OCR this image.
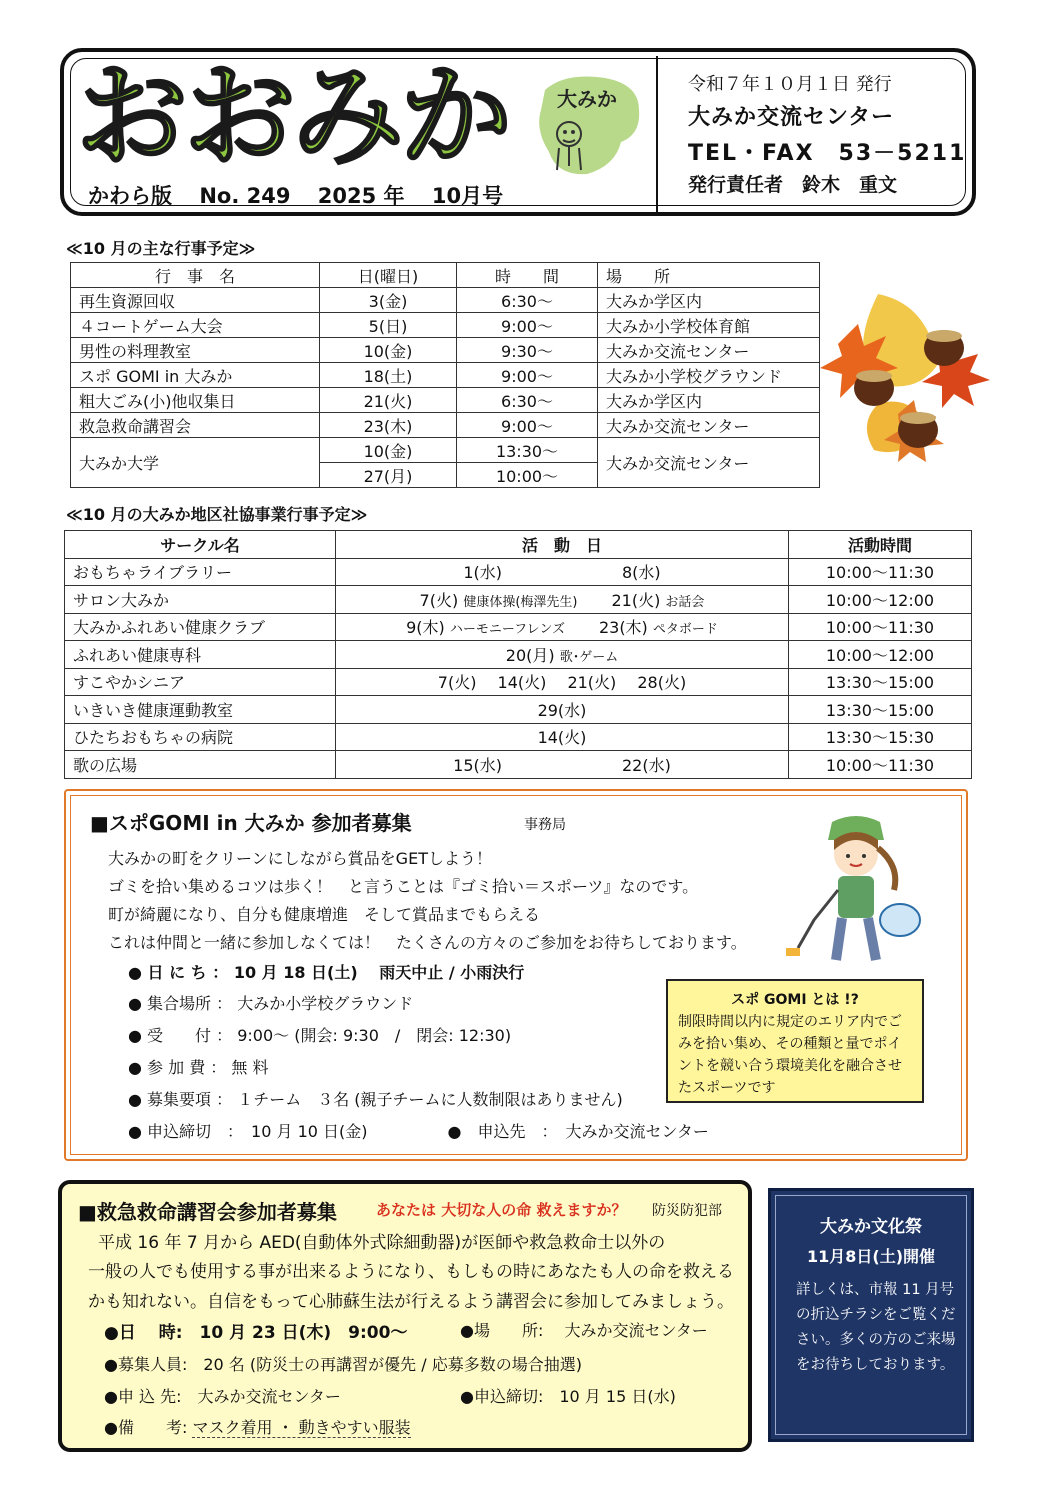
おおみか 大みか
かわら版 No. 249 2025 年 10月号
令和７年１０月１日 発行
大みか交流センター
TEL・FAX　53－5211
発行責任者　鈴木　重文
≪10 月の主な行事予定≫
行　事　名	日(曜日)	時　　間	場　　所
再生資源回収	3(金)	6:30～	大みか学区内
４コートゲーム大会	5(日)	9:00～	大みか小学校体育館
男性の料理教室	10(金)	9:30～	大みか交流センター
スポ GOMI in 大みか	18(土)	9:00～	大みか小学校グラウンド
粗大ごみ(小)他収集日	21(火)	6:30～	大みか学区内
救急救命講習会	23(木)	9:00～	大みか交流センター
大みか大学	10(金)	13:30～	大みか交流センター
	27(月)	10:00～	
≪10 月の大みか地区社協事業行事予定≫
サークル名	活　動　日	活動時間
おもちゃライブラリー	1(水) 8(水)	10:00～11:30
サロン大みか	7(火) 健康体操(梅澤先生) 21(火) お話会	10:00～12:00
大みかふれあい健康クラブ	9(木) ハーモニーフレンズ 23(木) ペタボード	10:00～11:30
ふれあい健康専科	20(月) 歌･ゲーム	10:00～12:00
すこやかシニア	7(火)　 14(火)　 21(火)　 28(火)	13:30～15:00
いきいき健康運動教室	29(水)	13:30～15:00
ひたちおもちゃの病院	14(火)	13:30～15:30
歌の広場	15(水) 22(水)	10:00～11:30
■スポGOMI in 大みか 参加者募集	事務局
大みかの町をクリーンにしながら賞品をGETしよう！
ゴミを拾い集めるコツは歩く！　と言うことは『ゴミ拾い＝スポーツ』なのです。
町が綺麗になり、自分も健康増進　そして賞品までもらえる
これは仲間と一緒に参加しなくては！　たくさんの方々のご参加をお待ちしております。
● 日 に ち ： 10 月 18 日(土)　 雨天中止 / 小雨決行
● 集合場所 ： 大みか小学校グラウンド
● 受　　付 ： 9:00～ (開会: 9:30　/　閉会: 12:30)
● 参 加 費 ： 無 料
● 募集要項 ： １チーム　３名 (親子チームに人数制限はありません)
● 申込締切　：　10 月 10 日(金)　　　　　●　申込先　：　大みか交流センター
スポ GOMI とは !?
制限時間以内に規定のエリア内でごみを拾い集め、その種類と量でポイントを競い合う環境美化を融合させたスポーツです
■救急救命講習会参加者募集	あなたは 大切な人の命 救えますか？ 防災防犯部
平成 16 年 7 月から AED(自動体外式除細動器)が医師や救急救命士以外の
一般の人でも使用する事が出来るようになり、もしもの時にあなたも人の命を救える
かも知れない。自信をもって心肺蘇生法が行えるよう講習会に参加してみましょう。
●日　 時:　10 月 23 日(木)　9:00～	●場　　所:　 大みか交流センター
●募集人員:　20 名 (防災士の再講習が優先 / 応募多数の場合抽選)
●申 込 先:　大みか交流センター	●申込締切:　10 月 15 日(水)
●備　　考: マスク着用 ・ 動きやすい服装
大みか文化祭
11月8日(土)開催
詳しくは、市報 11 月号の折込チラシをご覧ください。多くの方のご来場をお待ちしております。
